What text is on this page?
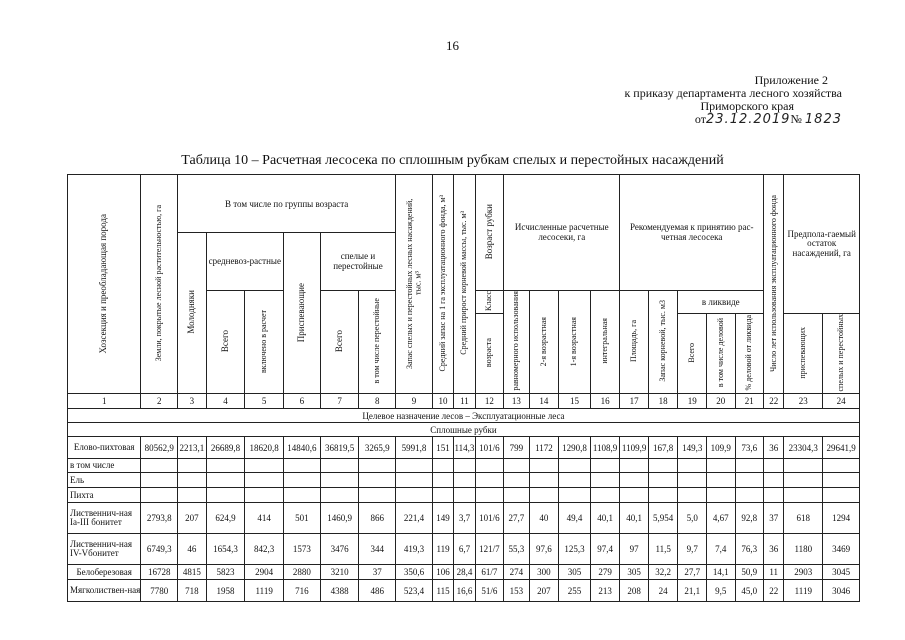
16
Приложение 2
к приказу департамента лесного хозяйства
Приморского края
от23.12.2019№ 1823
Таблица 10 – Расчетная лесосека по сплошным рубкам спелых и перестойных насаждений
Хозсекция и преобладающая порода	Земли, покрытые лесной растительностью, га	В том числе по группы возраста						Запас спелых и перестойных лесных насаждений, тыс. м³	Средний запас на 1 га эксплуатационного фонда, м³	Средний прирост корневой массы, тыс. м³	Возраст рубки	Исчисленные расчетные лесосеки, га				Рекомендуемая к принятию рас-четная лесосека					Число лет использования эксплуатационного фонда	Предпола-гаемый остаток насаждений, га	
		Молодняки	средневоз-растные		Приспевающие	спелые и перестойные																	
			Всего	включено в расчет		Всего	в том числе перестойные				Класс	равномерного использования	2-я возрастная	1-я возрастная	интегральная	Площадь, га	Запас корневой, тыс. м3	в ликвиде					
											возраста							Всего	в том числе деловой	% деловой от ликвида		приспевающих	спелых и перестойных
1	2	3	4	5	6	7	8	9	10	11	12	13	14	15	16	17	18	19	20	21	22	23	24
Целевое назначение лесов – Эксплуатационные леса																							
Сплошные рубки																							
Елово-пихтовая	80562,9	2213,1	26689,8	18620,8	14840,6	36819,5	3265,9	5991,8	151	114,3	101/6	799	1172	1290,8	1108,9	1109,9	167,8	149,3	109,9	73,6	36	23304,3	29641,9
в том числе																							
Ель																							
Пихта																							
Лиственнич-ная Ia-III бонитет	2793,8	207	624,9	414	501	1460,9	866	221,4	149	3,7	101/6	27,7	40	49,4	40,1	40,1	5,954	5,0	4,67	92,8	37	618	1294
Лиственнич-ная IV-Vбонитет	6749,3	46	1654,3	842,3	1573	3476	344	419,3	119	6,7	121/7	55,3	97,6	125,3	97,4	97	11,5	9,7	7,4	76,3	36	1180	3469
Белоберезовая	16728	4815	5823	2904	2880	3210	37	350,6	106	28,4	61/7	274	300	305	279	305	32,2	27,7	14,1	50,9	11	2903	3045
Мягколиствен-ная	7780	718	1958	1119	716	4388	486	523,4	115	16,6	51/6	153	207	255	213	208	24	21,1	9,5	45,0	22	1119	3046
